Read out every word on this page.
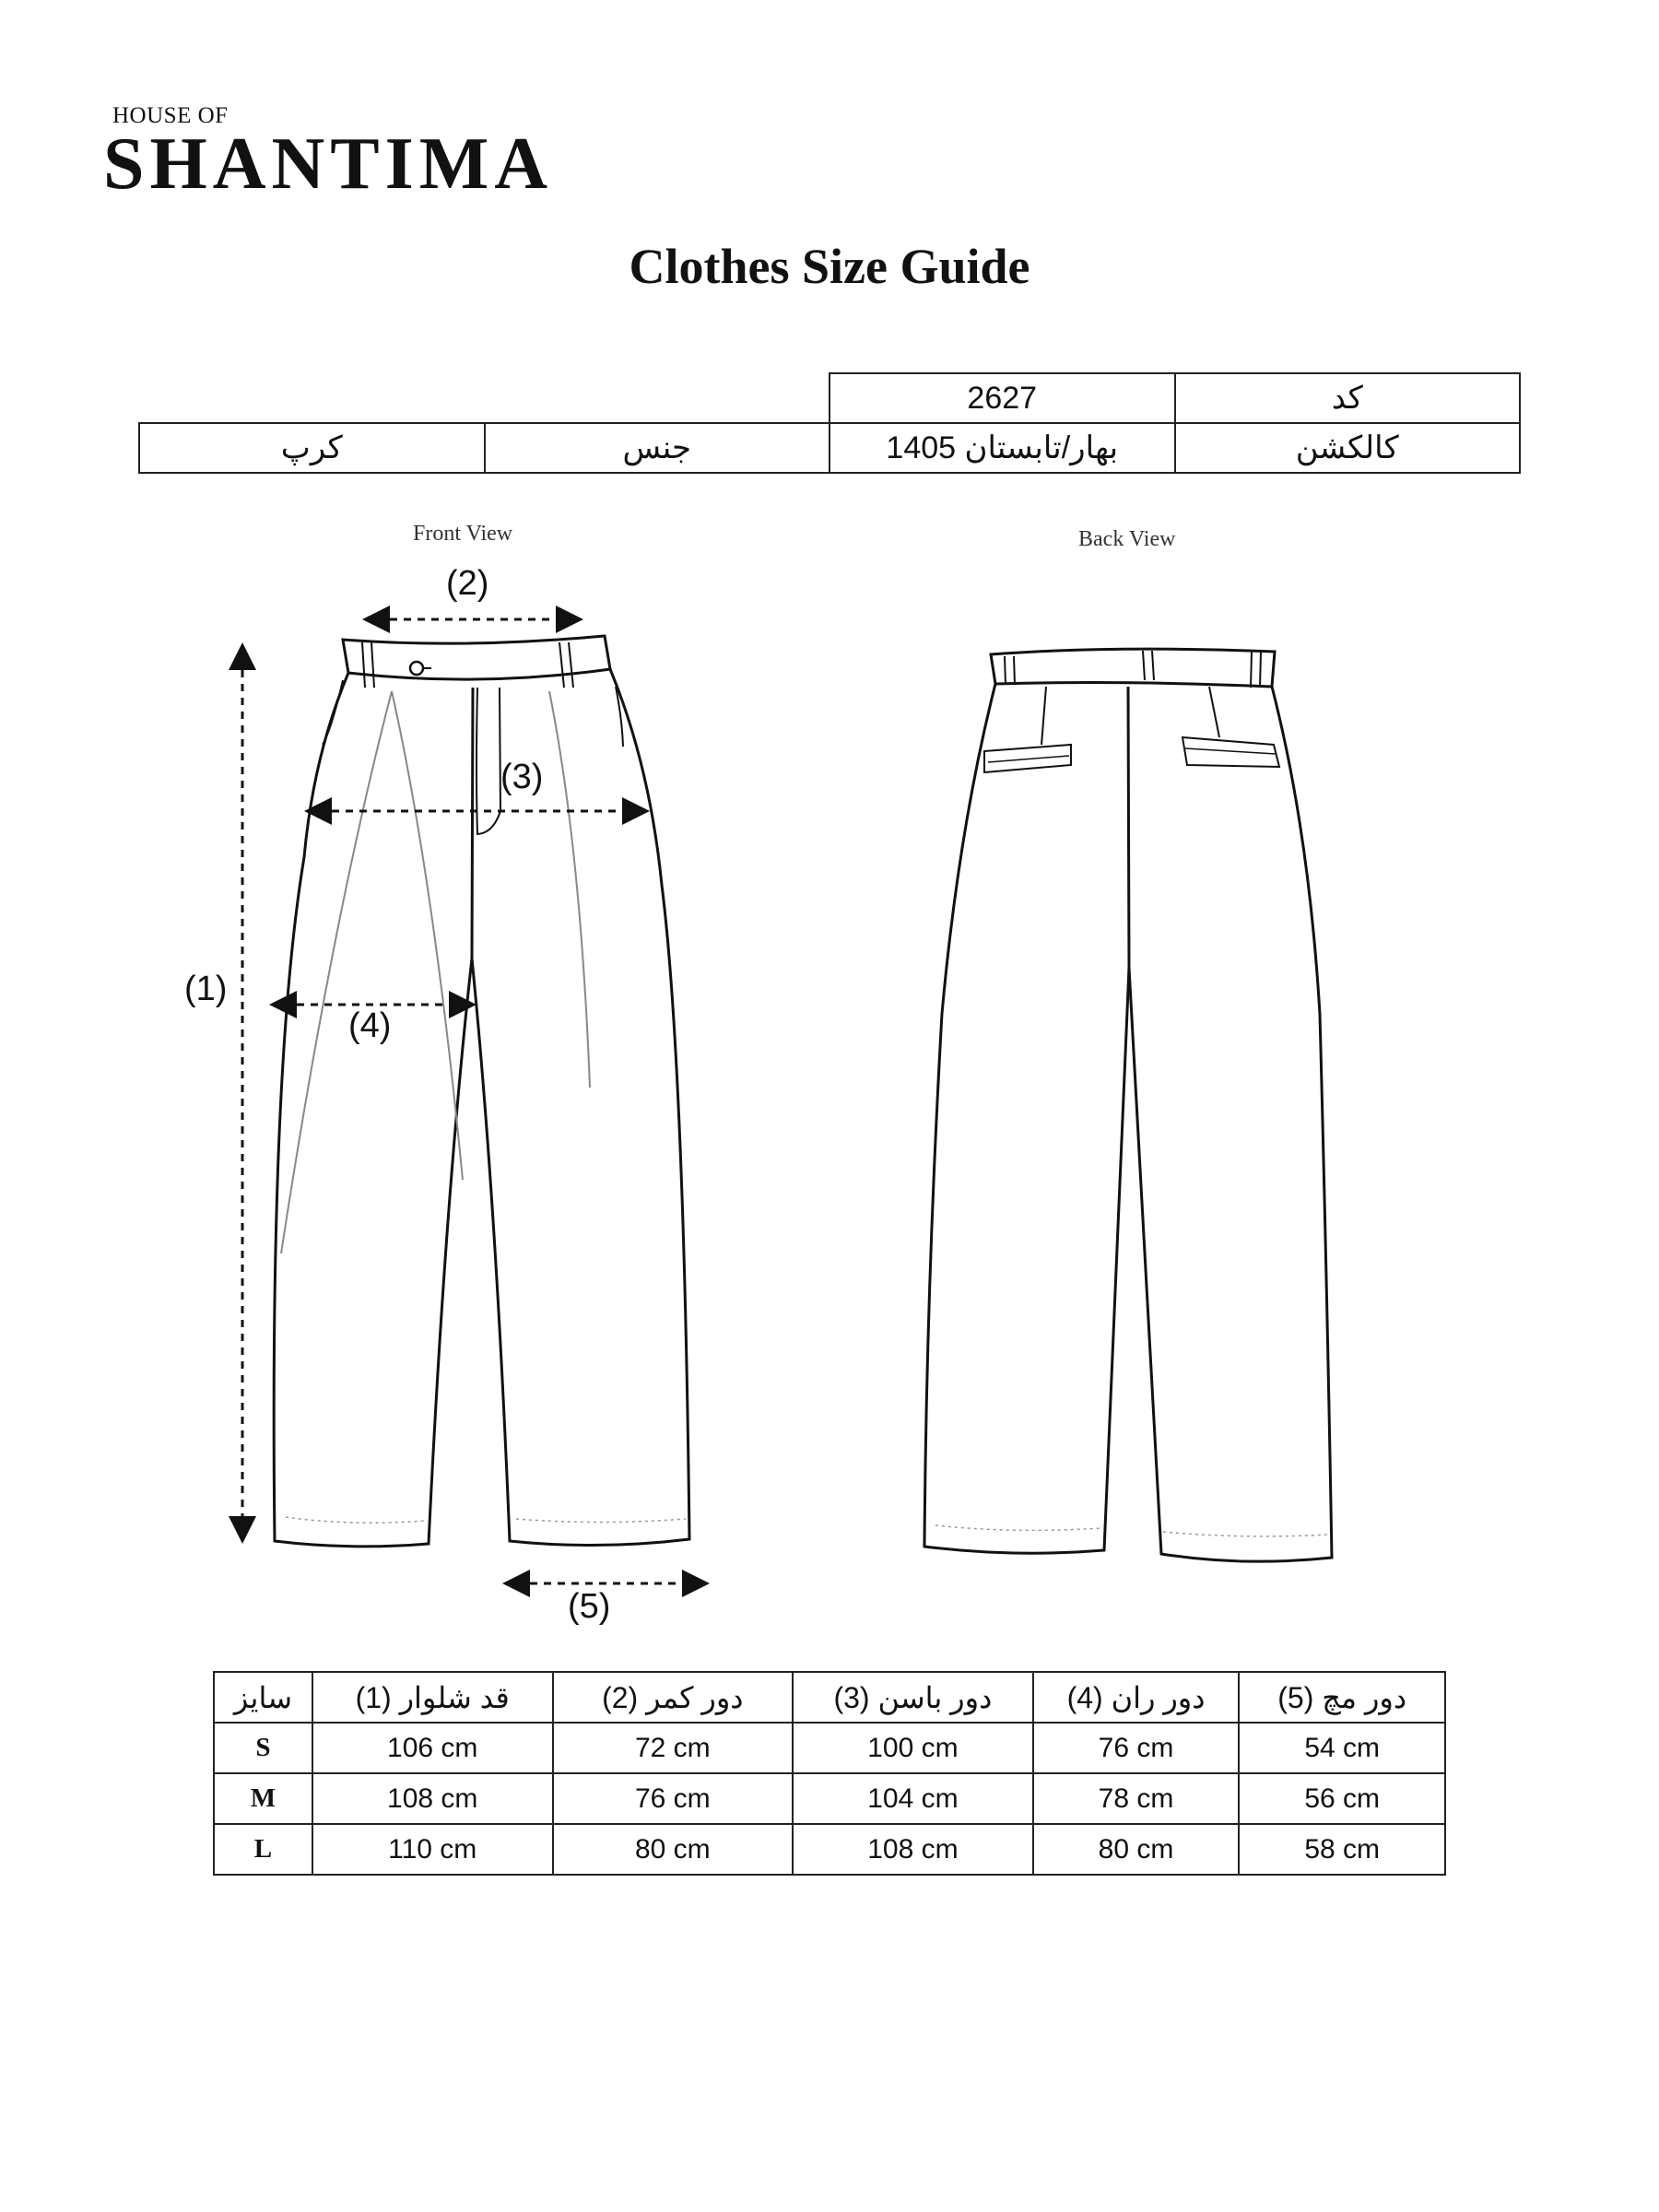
HOUSE OF
SHANTIMA
Clothes Size Guide
		2627	کد
کرپ	جنس	بهار/تابستان 1405	کالکشن
Front View	Back View
(1)
(2)
(3)
(4)
(5)
سایز	(1) قد شلوار	(2) دور کمر	(3) دور باسن	(4) دور ران	(5) دور مچ
S	106 cm	72 cm	100 cm	76 cm	54 cm
M	108 cm	76 cm	104 cm	78 cm	56 cm
L	110 cm	80 cm	108 cm	80 cm	58 cm
